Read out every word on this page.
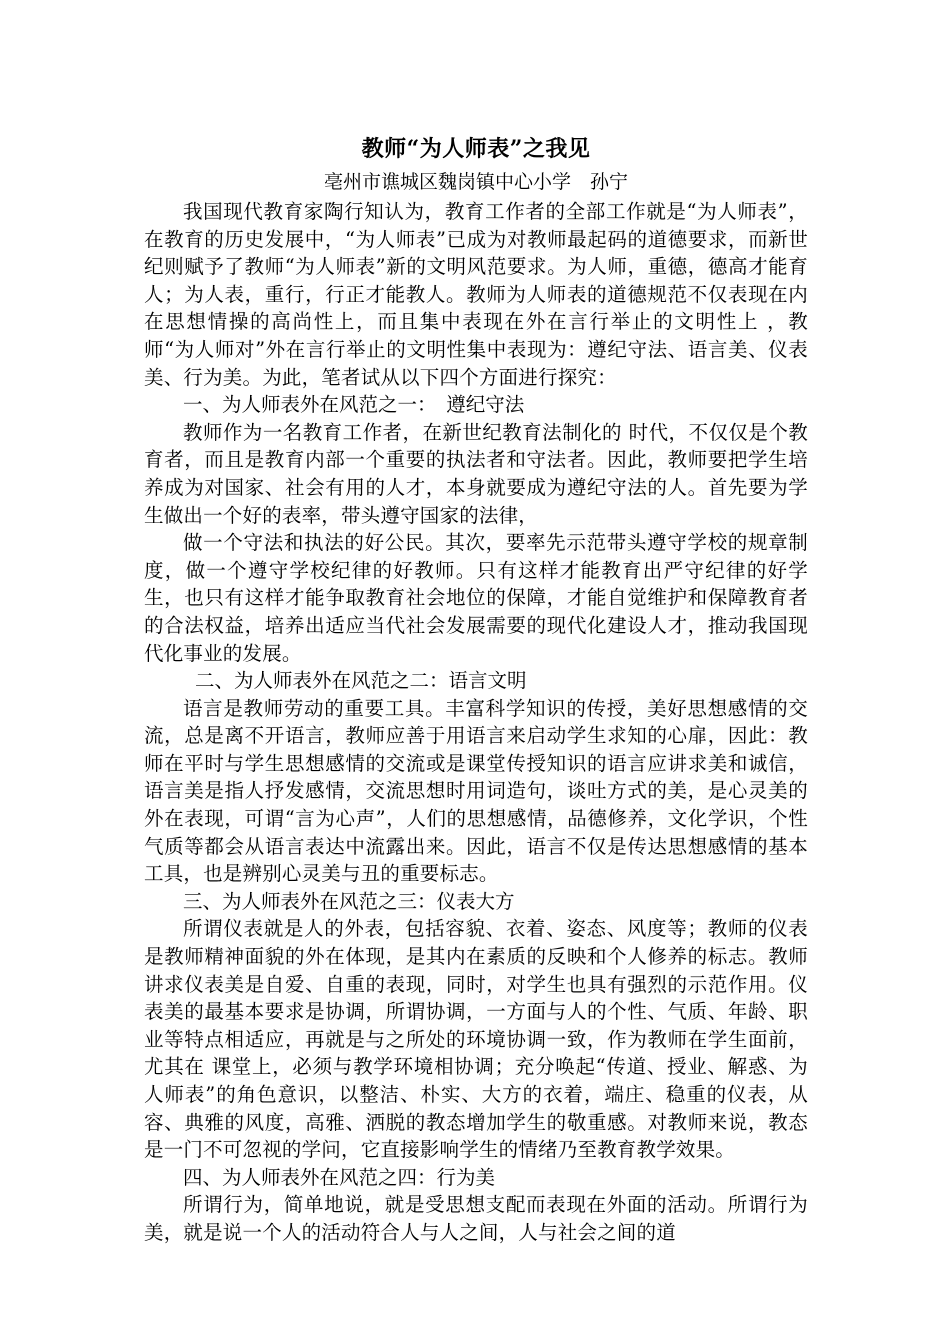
教师“为人师表”之我见

亳州市谯城区魏岗镇中心小学　孙宁

我国现代教育家陶行知认为，教育工作者的全部工作就是“为人师表”，在教育的历史发展中，“为人师表”已成为对教师最起码的道德要求，而新世纪则赋予了教师“为人师表”新的文明风范要求。为人师，重德，德高才能育人；为人表，重行，行正才能教人。教师为人师表的道德规范不仅表现在内在思想情操的高尚性上，而且集中表现在外在言行举止的文明性上 ，教师“为人师对”外在言行举止的文明性集中表现为：遵纪守法、语言美、仪表美、行为美。为此，笔者试从以下四个方面进行探究：

一、为人师表外在风范之一：　遵纪守法

教师作为一名教育工作者，在新世纪教育法制化的 时代，不仅仅是个教育者，而且是教育内部一个重要的执法者和守法者。因此，教师要把学生培养成为对国家、社会有用的人才，本身就要成为遵纪守法的人。首先要为学生做出一个好的表率，带头遵守国家的法律，

做一个守法和执法的好公民。其次，要率先示范带头遵守学校的规章制度，做一个遵守学校纪律的好教师。只有这样才能教育出严守纪律的好学生，也只有这样才能争取教育社会地位的保障，才能自觉维护和保障教育者的合法权益，培养出适应当代社会发展需要的现代化建设人才，推动我国现代化事业的发展。

二、为人师表外在风范之二：语言文明

语言是教师劳动的重要工具。丰富科学知识的传授，美好思想感情的交流，总是离不开语言，教师应善于用语言来启动学生求知的心扉，因此：教师在平时与学生思想感情的交流或是课堂传授知识的语言应讲求美和诚信，语言美是指人抒发感情，交流思想时用词造句，谈吐方式的美，是心灵美的外在表现，可谓“言为心声”，人们的思想感情，品德修养，文化学识，个性气质等都会从语言表达中流露出来。因此，语言不仅是传达思想感情的基本工具，也是辨别心灵美与丑的重要标志。

三、为人师表外在风范之三：仪表大方

所谓仪表就是人的外表，包括容貌、衣着、姿态、风度等；教师的仪表是教师精神面貌的外在体现，是其内在素质的反映和个人修养的标志。教师讲求仪表美是自爱、自重的表现，同时，对学生也具有强烈的示范作用。仪表美的最基本要求是协调，所谓协调，一方面与人的个性、气质、年龄、职业等特点相适应，再就是与之所处的环境协调一致，作为教师在学生面前，尤其在 课堂上，必须与教学环境相协调；充分唤起“传道、授业、解惑、为人师表”的角色意识，以整洁、朴实、大方的衣着，端庄、稳重的仪表，从容、典雅的风度，高雅、洒脱的教态增加学生的敬重感。对教师来说，教态是一门不可忽视的学问，它直接影响学生的情绪乃至教育教学效果。

四、为人师表外在风范之四：行为美

所谓行为，简单地说，就是受思想支配而表现在外面的活动。所谓行为美，就是说一个人的活动符合人与人之间，人与社会之间的道
